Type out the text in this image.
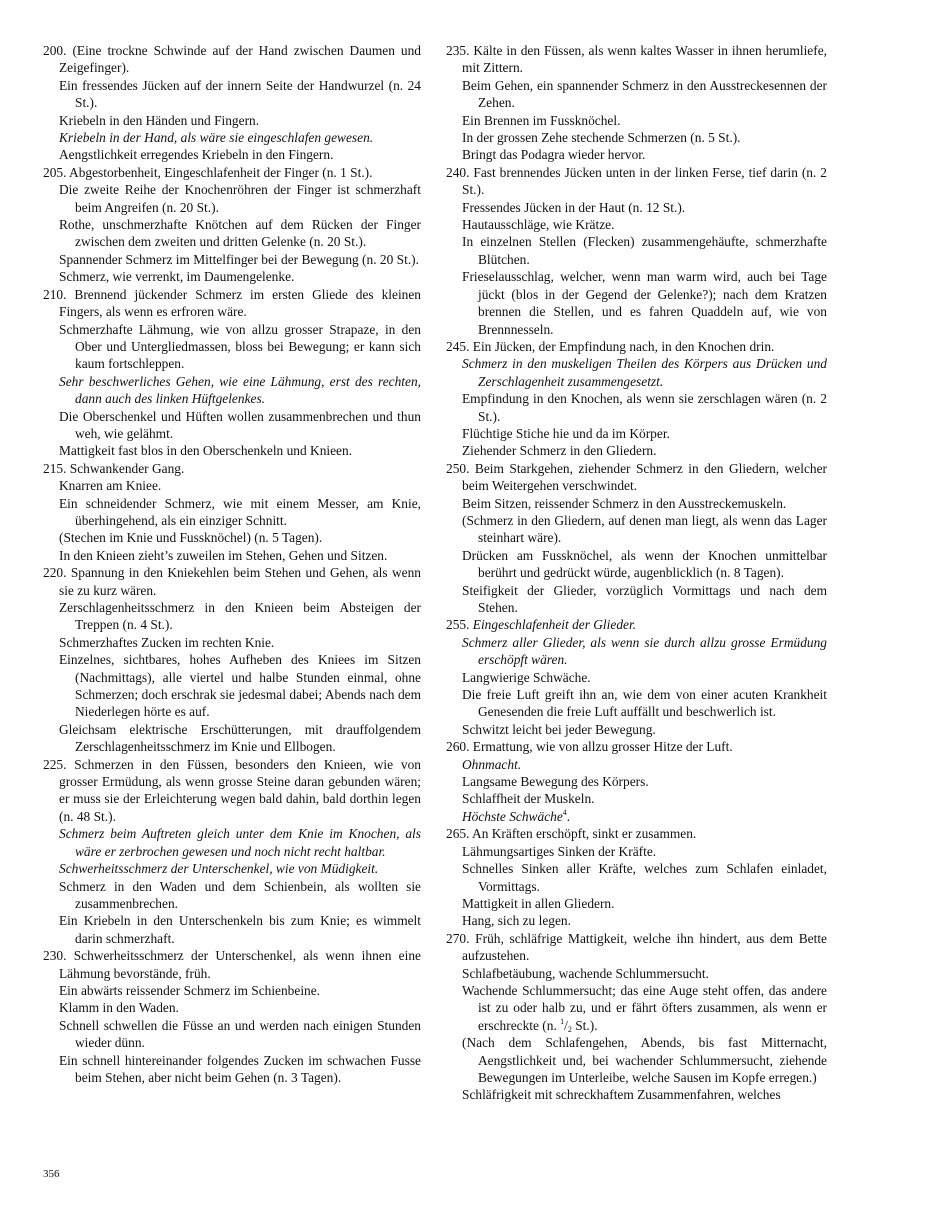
200. (Eine trockne Schwinde auf der Hand zwischen Daumen und Zeigefinger).

Ein fressendes Jücken auf der innern Seite der Handwurzel (n. 24 St.).

Kriebeln in den Händen und Fingern.

Kriebeln in der Hand, als wäre sie eingeschlafen gewesen.

Aengstlichkeit erregendes Kriebeln in den Fingern.

205. Abgestorbenheit, Eingeschlafenheit der Finger (n. 1 St.).

Die zweite Reihe der Knochenröhren der Finger ist schmerzhaft beim Angreifen (n. 20 St.).

Rothe, unschmerzhafte Knötchen auf dem Rücken der Finger zwischen dem zweiten und dritten Gelenke (n. 20 St.).

Spannender Schmerz im Mittelfinger bei der Bewegung (n. 20 St.).

Schmerz, wie verrenkt, im Daumengelenke.

210. Brennend jückender Schmerz im ersten Gliede des kleinen Fingers, als wenn es erfroren wäre.

Schmerzhafte Lähmung, wie von allzu grosser Strapaze, in den Ober und Untergliedmassen, bloss bei Bewegung; er kann sich kaum fortschleppen.

Sehr beschwerliches Gehen, wie eine Lähmung, erst des rechten, dann auch des linken Hüftgelenkes.

Die Oberschenkel und Hüften wollen zusammenbrechen und thun weh, wie gelähmt.

Mattigkeit fast blos in den Oberschenkeln und Knieen.

215. Schwankender Gang.

Knarren am Kniee.

Ein schneidender Schmerz, wie mit einem Messer, am Knie, überhingehend, als ein einziger Schnitt.

(Stechen im Knie und Fussknöchel) (n. 5 Tagen).

In den Knieen zieht’s zuweilen im Stehen, Gehen und Sitzen.

220. Spannung in den Kniekehlen beim Stehen und Gehen, als wenn sie zu kurz wären.

Zerschlagenheitsschmerz in den Knieen beim Absteigen der Treppen (n. 4 St.).

Schmerzhaftes Zucken im rechten Knie.

Einzelnes, sichtbares, hohes Aufheben des Kniees im Sitzen (Nachmittags), alle viertel und halbe Stunden einmal, ohne Schmerzen; doch erschrak sie jedesmal dabei; Abends nach dem Niederlegen hörte es auf.

Gleichsam elektrische Erschütterungen, mit drauffolgendem Zerschlagenheitsschmerz im Knie und Ellbogen.

225. Schmerzen in den Füssen, besonders den Knieen, wie von grosser Ermüdung, als wenn grosse Steine daran gebunden wären; er muss sie der Erleichterung wegen bald dahin, bald dorthin legen (n. 48 St.).

Schmerz beim Auftreten gleich unter dem Knie im Knochen, als wäre er zerbrochen gewesen und noch nicht recht haltbar.

Schwerheitsschmerz der Unterschenkel, wie von Müdigkeit.

Schmerz in den Waden und dem Schienbein, als wollten sie zusammenbrechen.

Ein Kriebeln in den Unterschenkeln bis zum Knie; es wimmelt darin schmerzhaft.

230. Schwerheitsschmerz der Unterschenkel, als wenn ihnen eine Lähmung bevorstände, früh.

Ein abwärts reissender Schmerz im Schienbeine.

Klamm in den Waden.

Schnell schwellen die Füsse an und werden nach einigen Stunden wieder dünn.

Ein schnell hintereinander folgendes Zucken im schwachen Fusse beim Stehen, aber nicht beim Gehen (n. 3 Tagen).

235. Kälte in den Füssen, als wenn kaltes Wasser in ihnen herumliefe, mit Zittern.

Beim Gehen, ein spannender Schmerz in den Ausstreckesennen der Zehen.

Ein Brennen im Fussknöchel.

In der grossen Zehe stechende Schmerzen (n. 5 St.).

Bringt das Podagra wieder hervor.

240. Fast brennendes Jücken unten in der linken Ferse, tief darin (n. 2 St.).

Fressendes Jücken in der Haut (n. 12 St.).

Hautausschläge, wie Krätze.

In einzelnen Stellen (Flecken) zusammengehäufte, schmerzhafte Blütchen.

Frieselausschlag, welcher, wenn man warm wird, auch bei Tage jückt (blos in der Gegend der Gelenke?); nach dem Kratzen brennen die Stellen, und es fahren Quaddeln auf, wie von Brennnesseln.

245. Ein Jücken, der Empfindung nach, in den Knochen drin.

Schmerz in den muskeligen Theilen des Körpers aus Drücken und Zerschlagenheit zusammengesetzt.

Empfindung in den Knochen, als wenn sie zerschlagen wären (n. 2 St.).

Flüchtige Stiche hie und da im Körper.

Ziehender Schmerz in den Gliedern.

250. Beim Starkgehen, ziehender Schmerz in den Gliedern, welcher beim Weitergehen verschwindet.

Beim Sitzen, reissender Schmerz in den Ausstreckemuskeln.

(Schmerz in den Gliedern, auf denen man liegt, als wenn das Lager steinhart wäre).

Drücken am Fussknöchel, als wenn der Knochen unmittelbar berührt und gedrückt würde, augenblicklich (n. 8 Tagen).

Steifigkeit der Glieder, vorzüglich Vormittags und nach dem Stehen.

255. Eingeschlafenheit der Glieder.

Schmerz aller Glieder, als wenn sie durch allzu grosse Ermüdung erschöpft wären.

Langwierige Schwäche.

Die freie Luft greift ihn an, wie dem von einer acuten Krankheit Genesenden die freie Luft auffällt und beschwerlich ist.

Schwitzt leicht bei jeder Bewegung.

260. Ermattung, wie von allzu grosser Hitze der Luft.

Ohnmacht.

Langsame Bewegung des Körpers.

Schlaffheit der Muskeln.

Höchste Schwäche$^4$.

265. An Kräften erschöpft, sinkt er zusammen.

Lähmungsartiges Sinken der Kräfte.

Schnelles Sinken aller Kräfte, welches zum Schlafen einladet, Vormittags.

Mattigkeit in allen Gliedern.

Hang, sich zu legen.

270. Früh, schläfrige Mattigkeit, welche ihn hindert, aus dem Bette aufzustehen.

Schlafbetäubung, wachende Schlummersucht.

Wachende Schlummersucht; das eine Auge steht offen, das andere ist zu oder halb zu, und er fährt öfters zusammen, als wenn er erschreckte (n. $^1/_2$ St.).

(Nach dem Schlafengehen, Abends, bis fast Mitternacht, Aengstlichkeit und, bei wachender Schlummersucht, ziehende Bewegungen im Unterleibe, welche Sausen im Kopfe erregen.)

Schläfrigkeit mit schreckhaftem Zusammenfahren, welches

356
